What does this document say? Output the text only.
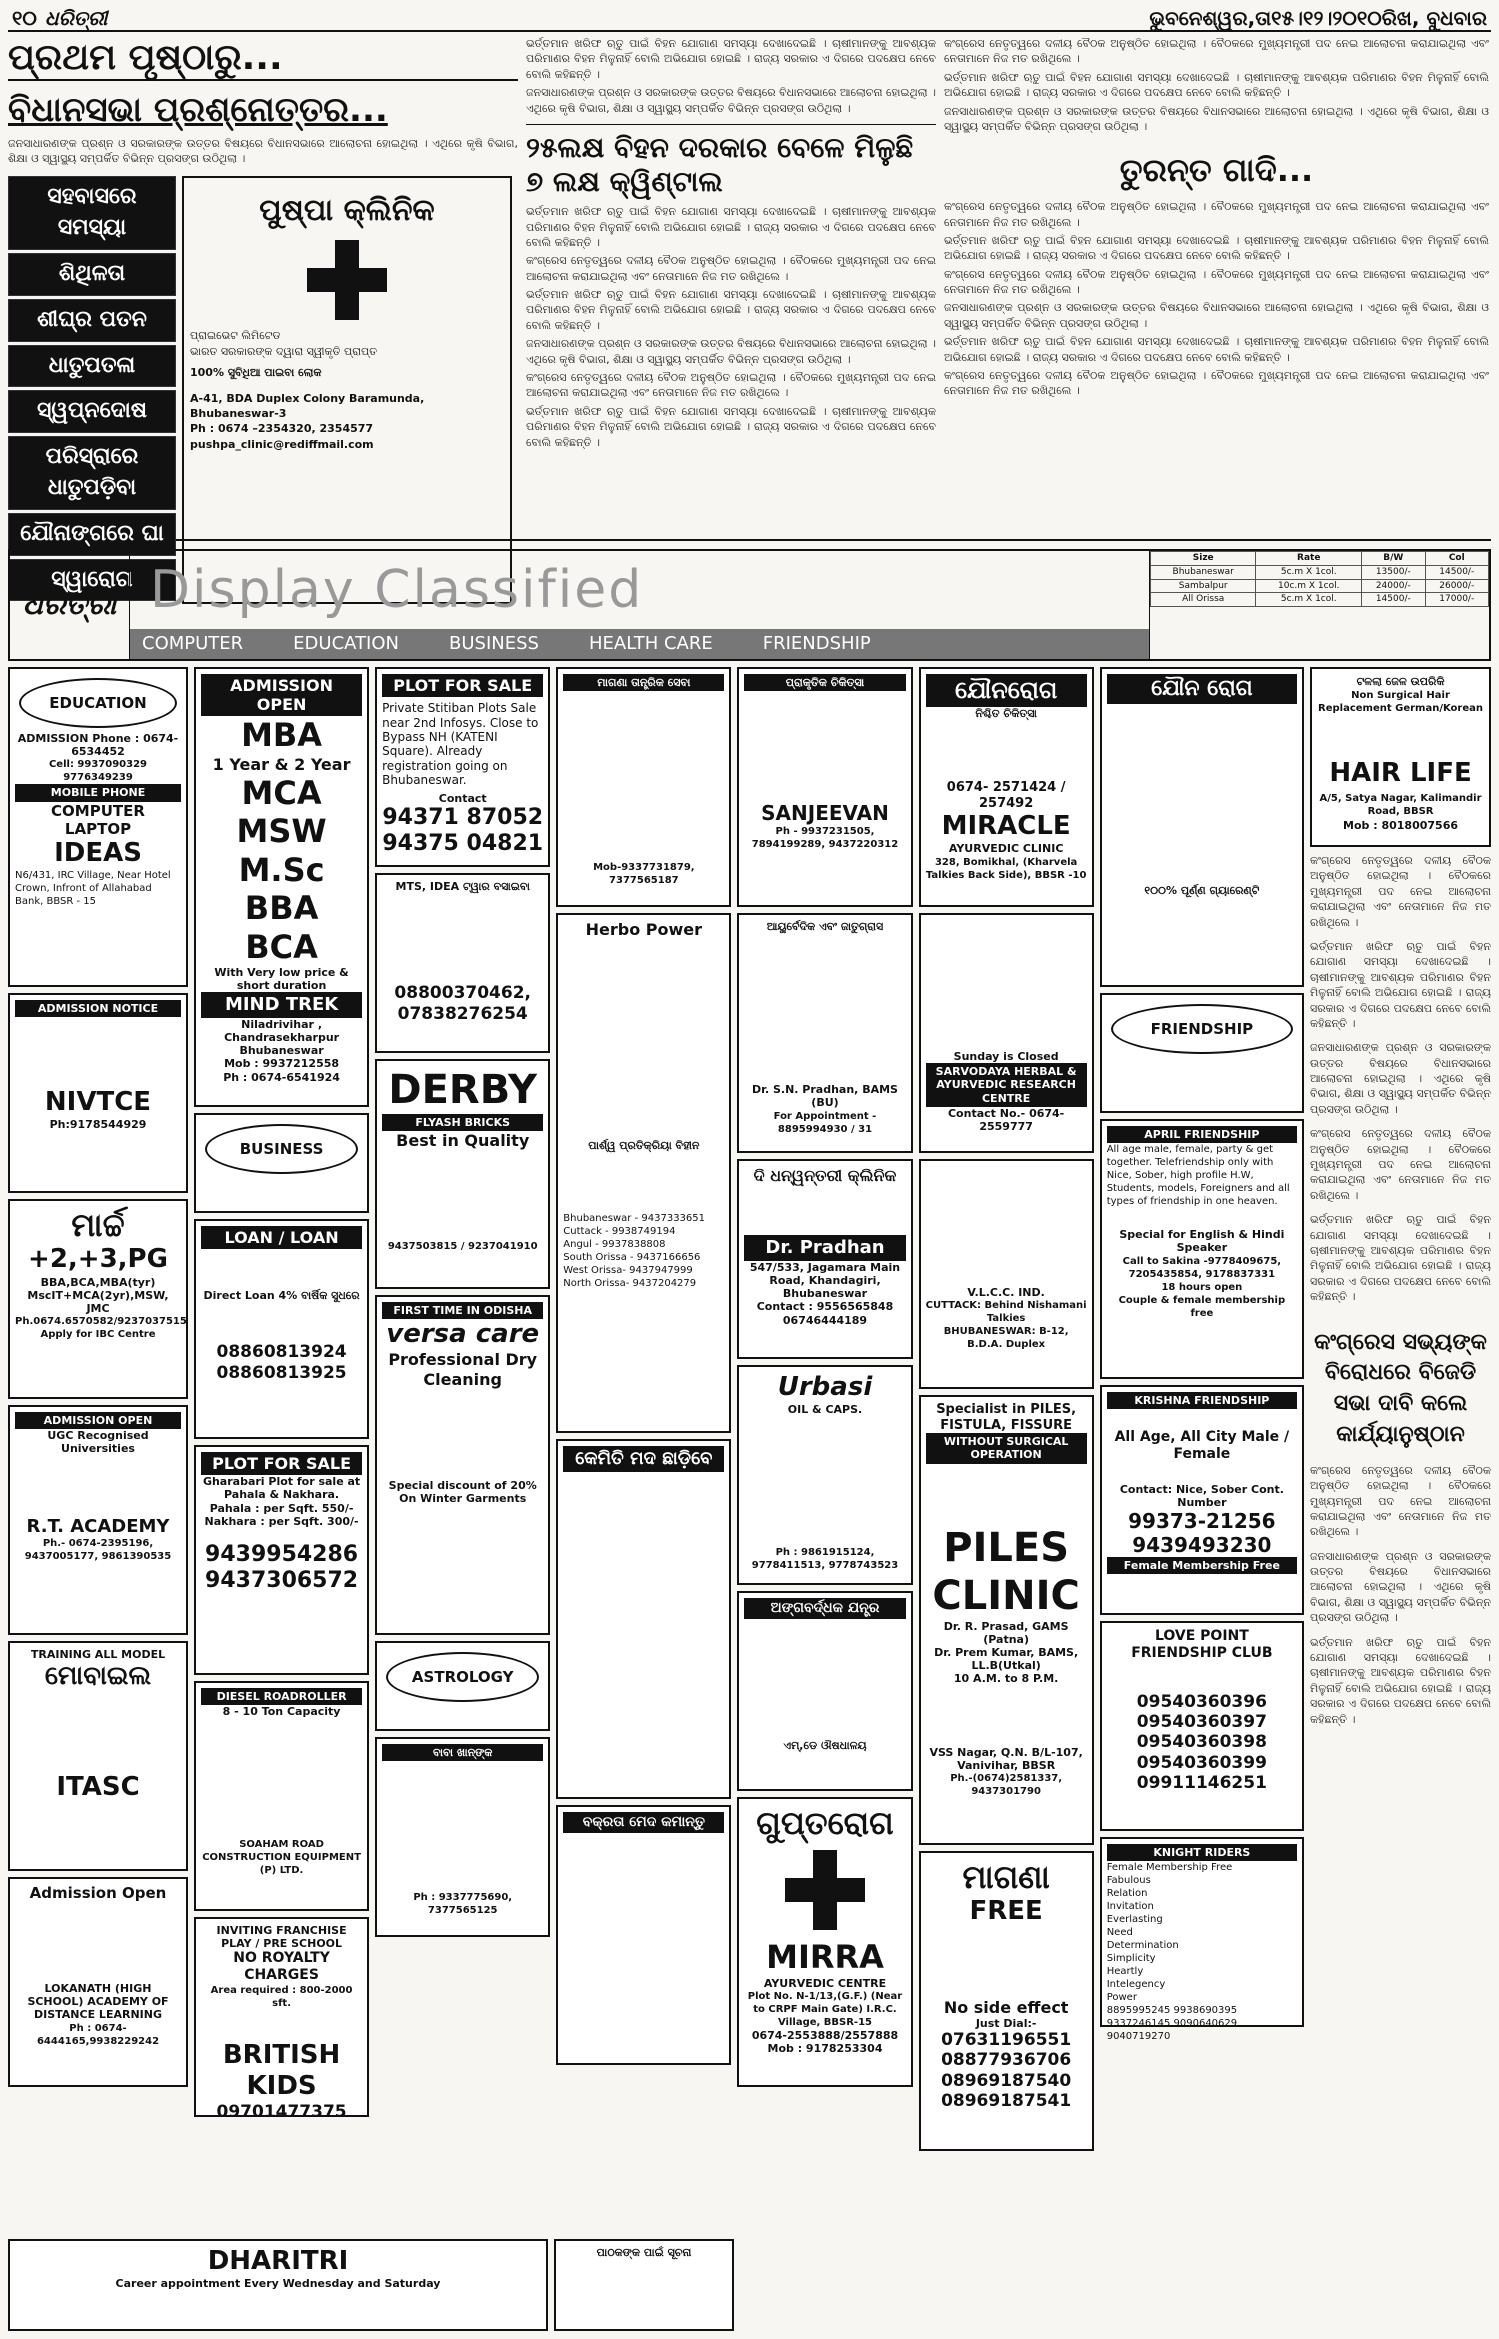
୧୦ ଧରିତ୍ରୀ	ଭୁବନେଶ୍ୱର,ତା୧୫।୧୨।୨୦୧୦ରିଖ, ବୁଧବାର
ପ୍ରଥମ ପୃଷ୍ଠାରୁ...
ବିଧାନସଭା ପ୍ରଶ୍ନୋତ୍ତର...

ଜନସାଧାରଣଙ୍କ ପ୍ରଶ୍ନ ଓ ସରକାରଙ୍କ ଉତ୍ତର ବିଷୟରେ ବିଧାନସଭାରେ ଆଲୋଚନା ହୋଇଥିଲା । ଏଥିରେ କୃଷି ବିଭାଗ, ଶିକ୍ଷା ଓ ସ୍ୱାସ୍ଥ୍ୟ ସମ୍ପର୍କିତ ବିଭିନ୍ନ ପ୍ରସଙ୍ଗ ଉଠିଥିଲା ।

ସହବାସରେ ସମସ୍ୟା
ଶିଥିଳତା
ଶୀଘ୍ର ପତନ
ଧାତୁପତଳା
ସ୍ୱପ୍ନଦୋଷ
ପରିସ୍ରାରେ ଧାତୁପଡ଼ିବା
ଯୌନାଙ୍ଗରେ ଘା
ସ୍ୱାରୋଗ
ପୁଷ୍ପା କ୍ଲିନିକ
ପ୍ରାଇଭେଟ ଲିମିଟେଡ
ଭାରତ ସରକାରଙ୍କ ଦ୍ୱାରା ସ୍ୱୀକୃତି ପ୍ରାପ୍ତ
100% ସୁବିଧିଆ ପାଇବା ଲୋକ
A-41, BDA Duplex Colony Baramunda, Bhubaneswar-3
Ph : 0674 –2354320, 2354577
pushpa_clinic@rediffmail.com

ଭର୍ତ୍ତମାନ ଖରିଫ ଋତୁ ପାଇଁ ବିହନ ଯୋଗାଣ ସମସ୍ୟା ଦେଖାଦେଇଛି । ଚାଷୀମାନଙ୍କୁ ଆବଶ୍ୟକ ପରିମାଣର ବିହନ ମିଳୁନାହିଁ ବୋଲି ଅଭିଯୋଗ ହୋଇଛି । ରାଜ୍ୟ ସରକାର ଏ ଦିଗରେ ପଦକ୍ଷେପ ନେବେ ବୋଲି କହିଛନ୍ତି ।

ଜନସାଧାରଣଙ୍କ ପ୍ରଶ୍ନ ଓ ସରକାରଙ୍କ ଉତ୍ତର ବିଷୟରେ ବିଧାନସଭାରେ ଆଲୋଚନା ହୋଇଥିଲା । ଏଥିରେ କୃଷି ବିଭାଗ, ଶିକ୍ଷା ଓ ସ୍ୱାସ୍ଥ୍ୟ ସମ୍ପର୍କିତ ବିଭିନ୍ନ ପ୍ରସଙ୍ଗ ଉଠିଥିଲା ।

୨୫ଲକ୍ଷ ବିହନ ଦରକାର ବେଳେ ମିଳୁଛି ୭ ଲକ୍ଷ କ୍ୱିଣ୍ଟାଲ

ଭର୍ତ୍ତମାନ ଖରିଫ ଋତୁ ପାଇଁ ବିହନ ଯୋଗାଣ ସମସ୍ୟା ଦେଖାଦେଇଛି । ଚାଷୀମାନଙ୍କୁ ଆବଶ୍ୟକ ପରିମାଣର ବିହନ ମିଳୁନାହିଁ ବୋଲି ଅଭିଯୋଗ ହୋଇଛି । ରାଜ୍ୟ ସରକାର ଏ ଦିଗରେ ପଦକ୍ଷେପ ନେବେ ବୋଲି କହିଛନ୍ତି ।

କଂଗ୍ରେସ ନେତୃତ୍ୱରେ ଦଳୀୟ ବୈଠକ ଅନୁଷ୍ଠିତ ହୋଇଥିଲା । ବୈଠକରେ ମୁଖ୍ୟମନ୍ତ୍ରୀ ପଦ ନେଇ ଆଲୋଚନା କରାଯାଇଥିଲା ଏବଂ ନେତାମାନେ ନିଜ ମତ ରଖିଥିଲେ ।

ଭର୍ତ୍ତମାନ ଖରିଫ ଋତୁ ପାଇଁ ବିହନ ଯୋଗାଣ ସମସ୍ୟା ଦେଖାଦେଇଛି । ଚାଷୀମାନଙ୍କୁ ଆବଶ୍ୟକ ପରିମାଣର ବିହନ ମିଳୁନାହିଁ ବୋଲି ଅଭିଯୋଗ ହୋଇଛି । ରାଜ୍ୟ ସରକାର ଏ ଦିଗରେ ପଦକ୍ଷେପ ନେବେ ବୋଲି କହିଛନ୍ତି ।

ଜନସାଧାରଣଙ୍କ ପ୍ରଶ୍ନ ଓ ସରକାରଙ୍କ ଉତ୍ତର ବିଷୟରେ ବିଧାନସଭାରେ ଆଲୋଚନା ହୋଇଥିଲା । ଏଥିରେ କୃଷି ବିଭାଗ, ଶିକ୍ଷା ଓ ସ୍ୱାସ୍ଥ୍ୟ ସମ୍ପର୍କିତ ବିଭିନ୍ନ ପ୍ରସଙ୍ଗ ଉଠିଥିଲା ।

କଂଗ୍ରେସ ନେତୃତ୍ୱରେ ଦଳୀୟ ବୈଠକ ଅନୁଷ୍ଠିତ ହୋଇଥିଲା । ବୈଠକରେ ମୁଖ୍ୟମନ୍ତ୍ରୀ ପଦ ନେଇ ଆଲୋଚନା କରାଯାଇଥିଲା ଏବଂ ନେତାମାନେ ନିଜ ମତ ରଖିଥିଲେ ।

ଭର୍ତ୍ତମାନ ଖରିଫ ଋତୁ ପାଇଁ ବିହନ ଯୋଗାଣ ସମସ୍ୟା ଦେଖାଦେଇଛି । ଚାଷୀମାନଙ୍କୁ ଆବଶ୍ୟକ ପରିମାଣର ବିହନ ମିଳୁନାହିଁ ବୋଲି ଅଭିଯୋଗ ହୋଇଛି । ରାଜ୍ୟ ସରକାର ଏ ଦିଗରେ ପଦକ୍ଷେପ ନେବେ ବୋଲି କହିଛନ୍ତି ।

କଂଗ୍ରେସ ନେତୃତ୍ୱରେ ଦଳୀୟ ବୈଠକ ଅନୁଷ୍ଠିତ ହୋଇଥିଲା । ବୈଠକରେ ମୁଖ୍ୟମନ୍ତ୍ରୀ ପଦ ନେଇ ଆଲୋଚନା କରାଯାଇଥିଲା ଏବଂ ନେତାମାନେ ନିଜ ମତ ରଖିଥିଲେ ।

ଭର୍ତ୍ତମାନ ଖରିଫ ଋତୁ ପାଇଁ ବିହନ ଯୋଗାଣ ସମସ୍ୟା ଦେଖାଦେଇଛି । ଚାଷୀମାନଙ୍କୁ ଆବଶ୍ୟକ ପରିମାଣର ବିହନ ମିଳୁନାହିଁ ବୋଲି ଅଭିଯୋଗ ହୋଇଛି । ରାଜ୍ୟ ସରକାର ଏ ଦିଗରେ ପଦକ୍ଷେପ ନେବେ ବୋଲି କହିଛନ୍ତି ।

ଜନସାଧାରଣଙ୍କ ପ୍ରଶ୍ନ ଓ ସରକାରଙ୍କ ଉତ୍ତର ବିଷୟରେ ବିଧାନସଭାରେ ଆଲୋଚନା ହୋଇଥିଲା । ଏଥିରେ କୃଷି ବିଭାଗ, ଶିକ୍ଷା ଓ ସ୍ୱାସ୍ଥ୍ୟ ସମ୍ପର୍କିତ ବିଭିନ୍ନ ପ୍ରସଙ୍ଗ ଉଠିଥିଲା ।

ତୁରନ୍ତ ଗାଦି...

କଂଗ୍ରେସ ନେତୃତ୍ୱରେ ଦଳୀୟ ବୈଠକ ଅନୁଷ୍ଠିତ ହୋଇଥିଲା । ବୈଠକରେ ମୁଖ୍ୟମନ୍ତ୍ରୀ ପଦ ନେଇ ଆଲୋଚନା କରାଯାଇଥିଲା ଏବଂ ନେତାମାନେ ନିଜ ମତ ରଖିଥିଲେ ।

ଭର୍ତ୍ତମାନ ଖରିଫ ଋତୁ ପାଇଁ ବିହନ ଯୋଗାଣ ସମସ୍ୟା ଦେଖାଦେଇଛି । ଚାଷୀମାନଙ୍କୁ ଆବଶ୍ୟକ ପରିମାଣର ବିହନ ମିଳୁନାହିଁ ବୋଲି ଅଭିଯୋଗ ହୋଇଛି । ରାଜ୍ୟ ସରକାର ଏ ଦିଗରେ ପଦକ୍ଷେପ ନେବେ ବୋଲି କହିଛନ୍ତି ।

କଂଗ୍ରେସ ନେତୃତ୍ୱରେ ଦଳୀୟ ବୈଠକ ଅନୁଷ୍ଠିତ ହୋଇଥିଲା । ବୈଠକରେ ମୁଖ୍ୟମନ୍ତ୍ରୀ ପଦ ନେଇ ଆଲୋଚନା କରାଯାଇଥିଲା ଏବଂ ନେତାମାନେ ନିଜ ମତ ରଖିଥିଲେ ।

ଜନସାଧାରଣଙ୍କ ପ୍ରଶ୍ନ ଓ ସରକାରଙ୍କ ଉତ୍ତର ବିଷୟରେ ବିଧାନସଭାରେ ଆଲୋଚନା ହୋଇଥିଲା । ଏଥିରେ କୃଷି ବିଭାଗ, ଶିକ୍ଷା ଓ ସ୍ୱାସ୍ଥ୍ୟ ସମ୍ପର୍କିତ ବିଭିନ୍ନ ପ୍ରସଙ୍ଗ ଉଠିଥିଲା ।

ଭର୍ତ୍ତମାନ ଖରିଫ ଋତୁ ପାଇଁ ବିହନ ଯୋଗାଣ ସମସ୍ୟା ଦେଖାଦେଇଛି । ଚାଷୀମାନଙ୍କୁ ଆବଶ୍ୟକ ପରିମାଣର ବିହନ ମିଳୁନାହିଁ ବୋଲି ଅଭିଯୋଗ ହୋଇଛି । ରାଜ୍ୟ ସରକାର ଏ ଦିଗରେ ପଦକ୍ଷେପ ନେବେ ବୋଲି କହିଛନ୍ତି ।

କଂଗ୍ରେସ ନେତୃତ୍ୱରେ ଦଳୀୟ ବୈଠକ ଅନୁଷ୍ଠିତ ହୋଇଥିଲା । ବୈଠକରେ ମୁଖ୍ୟମନ୍ତ୍ରୀ ପଦ ନେଇ ଆଲୋଚନା କରାଯାଇଥିଲା ଏବଂ ନେତାମାନେ ନିଜ ମତ ରଖିଥିଲେ ।

ଧରିତ୍ରୀ Display Classified
COMPUTER	EDUCATION	BUSINESS	HEALTH CARE	FRIENDSHIP
Size	Rate	B/W	Col
Bhubaneswar	5c.m X 1col.	13500/-	14500/-
Sambalpur	10c.m X 1col.	24000/-	26000/-
All Orissa	5c.m X 1col.	14500/-	17000/-
EDUCATION
ADMISSION Phone : 0674-6534452
Cell: 9937090329 9776349239
MOBILE PHONE
COMPUTER
LAPTOP
IDEAS
N6/431, IRC Village, Near Hotel Crown, Infront of Allahabad Bank, BBSR - 15
ADMISSION NOTICE
NIVTCE
Ph:9178544929
ମାର୍ଚ୍ଚ
+2,+3,PG
BBA,BCA,MBA(tyr)
MscIT+MCA(2yr),MSW, JMC
Ph.0674.6570582/9237037515 Apply for IBC Centre
ADMISSION OPEN
UGC Recognised Universities
R.T. ACADEMY
Ph.- 0674-2395196, 9437005177, 9861390535
TRAINING ALL MODEL
ମୋବାଇଲ
ITASC
Admission Open
LOKANATH (HIGH SCHOOL) ACADEMY OF DISTANCE LEARNING
Ph : 0674-6444165,9938229242
ADMISSION OPEN
MBA
1 Year & 2 Year
MCA
MSW
M.Sc
BBA
BCA
With Very low price & short duration
MIND TREK
Niladrivihar , Chandrasekharpur Bhubaneswar
Mob : 9937212558
Ph : 0674-6541924
BUSINESS
LOAN / LOAN
Direct Loan 4% ବାର୍ଷିକ ସୁଧରେ
08860813924
08860813925
PLOT FOR SALE
Gharabari Plot for sale at Pahala & Nakhara.
Pahala : per Sqft. 550/-
Nakhara : per Sqft. 300/-
9439954286
9437306572
DIESEL ROADROLLER
8 - 10 Ton Capacity
SOAHAM ROAD CONSTRUCTION EQUIPMENT (P) LTD.
INVITING FRANCHISE
PLAY / PRE SCHOOL
NO ROYALTY CHARGES
Area required : 800-2000 sft.
BRITISH KIDS
09701477375
PLOT FOR SALE
Private Stitiban Plots Sale near 2nd Infosys. Close to Bypass NH (KATENI Square). Already registration going on Bhubaneswar.
Contact
94371 87052
94375 04821
MTS, IDEA ଟ୍ୱାର ବସାଇବା
08800370462,
07838276254
DERBY
FLYASH BRICKS
Best in Quality
9437503815 / 9237041910
FIRST TIME IN ODISHA
versa care
Professional Dry Cleaning
Special discount of 20% On Winter Garments
ASTROLOGY
ବାବା ଖାନ୍ଙ୍କ
Ph : 9337775690, 7377565125
ମାଗଣା ତାନ୍ତ୍ରିକ ସେବା
Mob-9337731879, 7377565187
Herbo Power
ପାର୍ଶ୍ୱ ପ୍ରତିକ୍ରିୟା ବିହୀନ
Bhubaneswar - 9437333651
Cuttack - 9938749194
Angul - 9937838808
South Orissa - 9437166656
West Orissa- 9437947999
North Orissa- 9437204279
କେମିତି ମଦ ଛାଡ଼ିବେ
ବକ୍ରତା ମେଦ କମାନ୍ତୁ
ପ୍ରାକୃତିକ ଚିକିତ୍ସା
SANJEEVAN
Ph - 9937231505, 7894199289, 9437220312
ଆୟୁର୍ବେଦିକ ଏବଂ ଜାତୁଗ୍ରାସ
Dr. S.N. Pradhan, BAMS (BU)
For Appointment - 8895994930 / 31
ଦି ଧନ୍ୱନ୍ତରୀ କ୍ଲିନିକ
Dr. Pradhan
547/533, Jagamara Main Road, Khandagiri, Bhubaneswar
Contact : 9556565848 06746444189
Urbasi
OIL & CAPS.
Ph : 9861915124, 9778411513, 9778743523
ଅଙ୍ଗବର୍ଦ୍ଧକ ଯନ୍ତ୍ର
ଏମ୍,ଡେ ଔଷଧାଳୟ
ଗୁପ୍ତରୋଗ
MIRRA
AYURVEDIC CENTRE
Plot No. N-1/13,(G.F.) (Near to CRPF Main Gate) I.R.C. Village, BBSR-15
0674-2553888/2557888
Mob : 9178253304
ଯୌନରୋଗ
ନିଶ୍ଚିତ ଚିକିତ୍ସା
0674- 2571424 / 257492
MIRACLE
AYURVEDIC CLINIC
328, Bomikhal, (Kharvela Talkies Back Side), BBSR -10
Sunday is Closed
SARVODAYA HERBAL & AYURVEDIC RESEARCH CENTRE
Contact No.- 0674-2559777
V.L.C.C. IND.
CUTTACK: Behind Nishamani Talkies
BHUBANESWAR: B-12, B.D.A. Duplex
Specialist in PILES, FISTULA, FISSURE
WITHOUT SURGICAL OPERATION
PILES
CLINIC
Dr. R. Prasad, GAMS (Patna)
Dr. Prem Kumar, BAMS, LL.B(Utkal)
10 A.M. to 8 P.M.
VSS Nagar, Q.N. B/L-107, Vanivihar, BBSR
Ph.-(0674)2581337, 9437301790
ମାଗଣା
FREE
No side effect
Just Dial:-
07631196551
08877936706
08969187540
08969187541
ଯୌନ ରୋଗ
୧୦୦% ପୂର୍ଣ୍ଣ ଗ୍ୟାରେଣ୍ଟି
FRIENDSHIP
APRIL FRIENDSHIP
All age male, female, party & get together. Telefriendship only with Nice, Sober, high profile H.W, Students, models, Foreigners and all types of friendship in one heaven.
Special for English & Hindi Speaker
Call to Sakina -9778409675, 7205435854, 9178837331
18 hours open
Couple & female membership free
KRISHNA FRIENDSHIP
All Age, All City Male / Female
Contact: Nice, Sober Cont. Number
99373-21256
9439493230
Female Membership Free
LOVE POINT FRIENDSHIP CLUB
09540360396
09540360397
09540360398
09540360399
09911146251
KNIGHT RIDERS
Female Membership Free
Fabulous
Relation
Invitation
Everlasting
Need
Determination
Simplicity
Heartly
Intelegency
Power
8895995245 9938690395 9337246145 9090640629 9040719270
ଟଳଲା ଜେଳ ଉପରିକି
Non Surgical Hair Replacement German/Korean
HAIR LIFE
A/5, Satya Nagar, Kalimandir Road, BBSR
Mob : 8018007566

କଂଗ୍ରେସ ନେତୃତ୍ୱରେ ଦଳୀୟ ବୈଠକ ଅନୁଷ୍ଠିତ ହୋଇଥିଲା । ବୈଠକରେ ମୁଖ୍ୟମନ୍ତ୍ରୀ ପଦ ନେଇ ଆଲୋଚନା କରାଯାଇଥିଲା ଏବଂ ନେତାମାନେ ନିଜ ମତ ରଖିଥିଲେ ।

ଭର୍ତ୍ତମାନ ଖରିଫ ଋତୁ ପାଇଁ ବିହନ ଯୋଗାଣ ସମସ୍ୟା ଦେଖାଦେଇଛି । ଚାଷୀମାନଙ୍କୁ ଆବଶ୍ୟକ ପରିମାଣର ବିହନ ମିଳୁନାହିଁ ବୋଲି ଅଭିଯୋଗ ହୋଇଛି । ରାଜ୍ୟ ସରକାର ଏ ଦିଗରେ ପଦକ୍ଷେପ ନେବେ ବୋଲି କହିଛନ୍ତି ।

ଜନସାଧାରଣଙ୍କ ପ୍ରଶ୍ନ ଓ ସରକାରଙ୍କ ଉତ୍ତର ବିଷୟରେ ବିଧାନସଭାରେ ଆଲୋଚନା ହୋଇଥିଲା । ଏଥିରେ କୃଷି ବିଭାଗ, ଶିକ୍ଷା ଓ ସ୍ୱାସ୍ଥ୍ୟ ସମ୍ପର୍କିତ ବିଭିନ୍ନ ପ୍ରସଙ୍ଗ ଉଠିଥିଲା ।

କଂଗ୍ରେସ ନେତୃତ୍ୱରେ ଦଳୀୟ ବୈଠକ ଅନୁଷ୍ଠିତ ହୋଇଥିଲା । ବୈଠକରେ ମୁଖ୍ୟମନ୍ତ୍ରୀ ପଦ ନେଇ ଆଲୋଚନା କରାଯାଇଥିଲା ଏବଂ ନେତାମାନେ ନିଜ ମତ ରଖିଥିଲେ ।

ଭର୍ତ୍ତମାନ ଖରିଫ ଋତୁ ପାଇଁ ବିହନ ଯୋଗାଣ ସମସ୍ୟା ଦେଖାଦେଇଛି । ଚାଷୀମାନଙ୍କୁ ଆବଶ୍ୟକ ପରିମାଣର ବିହନ ମିଳୁନାହିଁ ବୋଲି ଅଭିଯୋଗ ହୋଇଛି । ରାଜ୍ୟ ସରକାର ଏ ଦିଗରେ ପଦକ୍ଷେପ ନେବେ ବୋଲି କହିଛନ୍ତି ।

କଂଗ୍ରେସ ସଭ୍ୟଙ୍କ ବିରୋଧରେ ବିଜେଡି ସଭା ଦାବି କଲେ କାର୍ଯ୍ୟାନୁଷ୍ଠାନ

କଂଗ୍ରେସ ନେତୃତ୍ୱରେ ଦଳୀୟ ବୈଠକ ଅନୁଷ୍ଠିତ ହୋଇଥିଲା । ବୈଠକରେ ମୁଖ୍ୟମନ୍ତ୍ରୀ ପଦ ନେଇ ଆଲୋଚନା କରାଯାଇଥିଲା ଏବଂ ନେତାମାନେ ନିଜ ମତ ରଖିଥିଲେ ।

ଜନସାଧାରଣଙ୍କ ପ୍ରଶ୍ନ ଓ ସରକାରଙ୍କ ଉତ୍ତର ବିଷୟରେ ବିଧାନସଭାରେ ଆଲୋଚନା ହୋଇଥିଲା । ଏଥିରେ କୃଷି ବିଭାଗ, ଶିକ୍ଷା ଓ ସ୍ୱାସ୍ଥ୍ୟ ସମ୍ପର୍କିତ ବିଭିନ୍ନ ପ୍ରସଙ୍ଗ ଉଠିଥିଲା ।

ଭର୍ତ୍ତମାନ ଖରିଫ ଋତୁ ପାଇଁ ବିହନ ଯୋଗାଣ ସମସ୍ୟା ଦେଖାଦେଇଛି । ଚାଷୀମାନଙ୍କୁ ଆବଶ୍ୟକ ପରିମାଣର ବିହନ ମିଳୁନାହିଁ ବୋଲି ଅଭିଯୋଗ ହୋଇଛି । ରାଜ୍ୟ ସରକାର ଏ ଦିଗରେ ପଦକ୍ଷେପ ନେବେ ବୋଲି କହିଛନ୍ତି ।

DHARITRI
Career appointment Every Wednesday and Saturday
ପାଠକଙ୍କ ପାଇଁ ସୂଚନା
